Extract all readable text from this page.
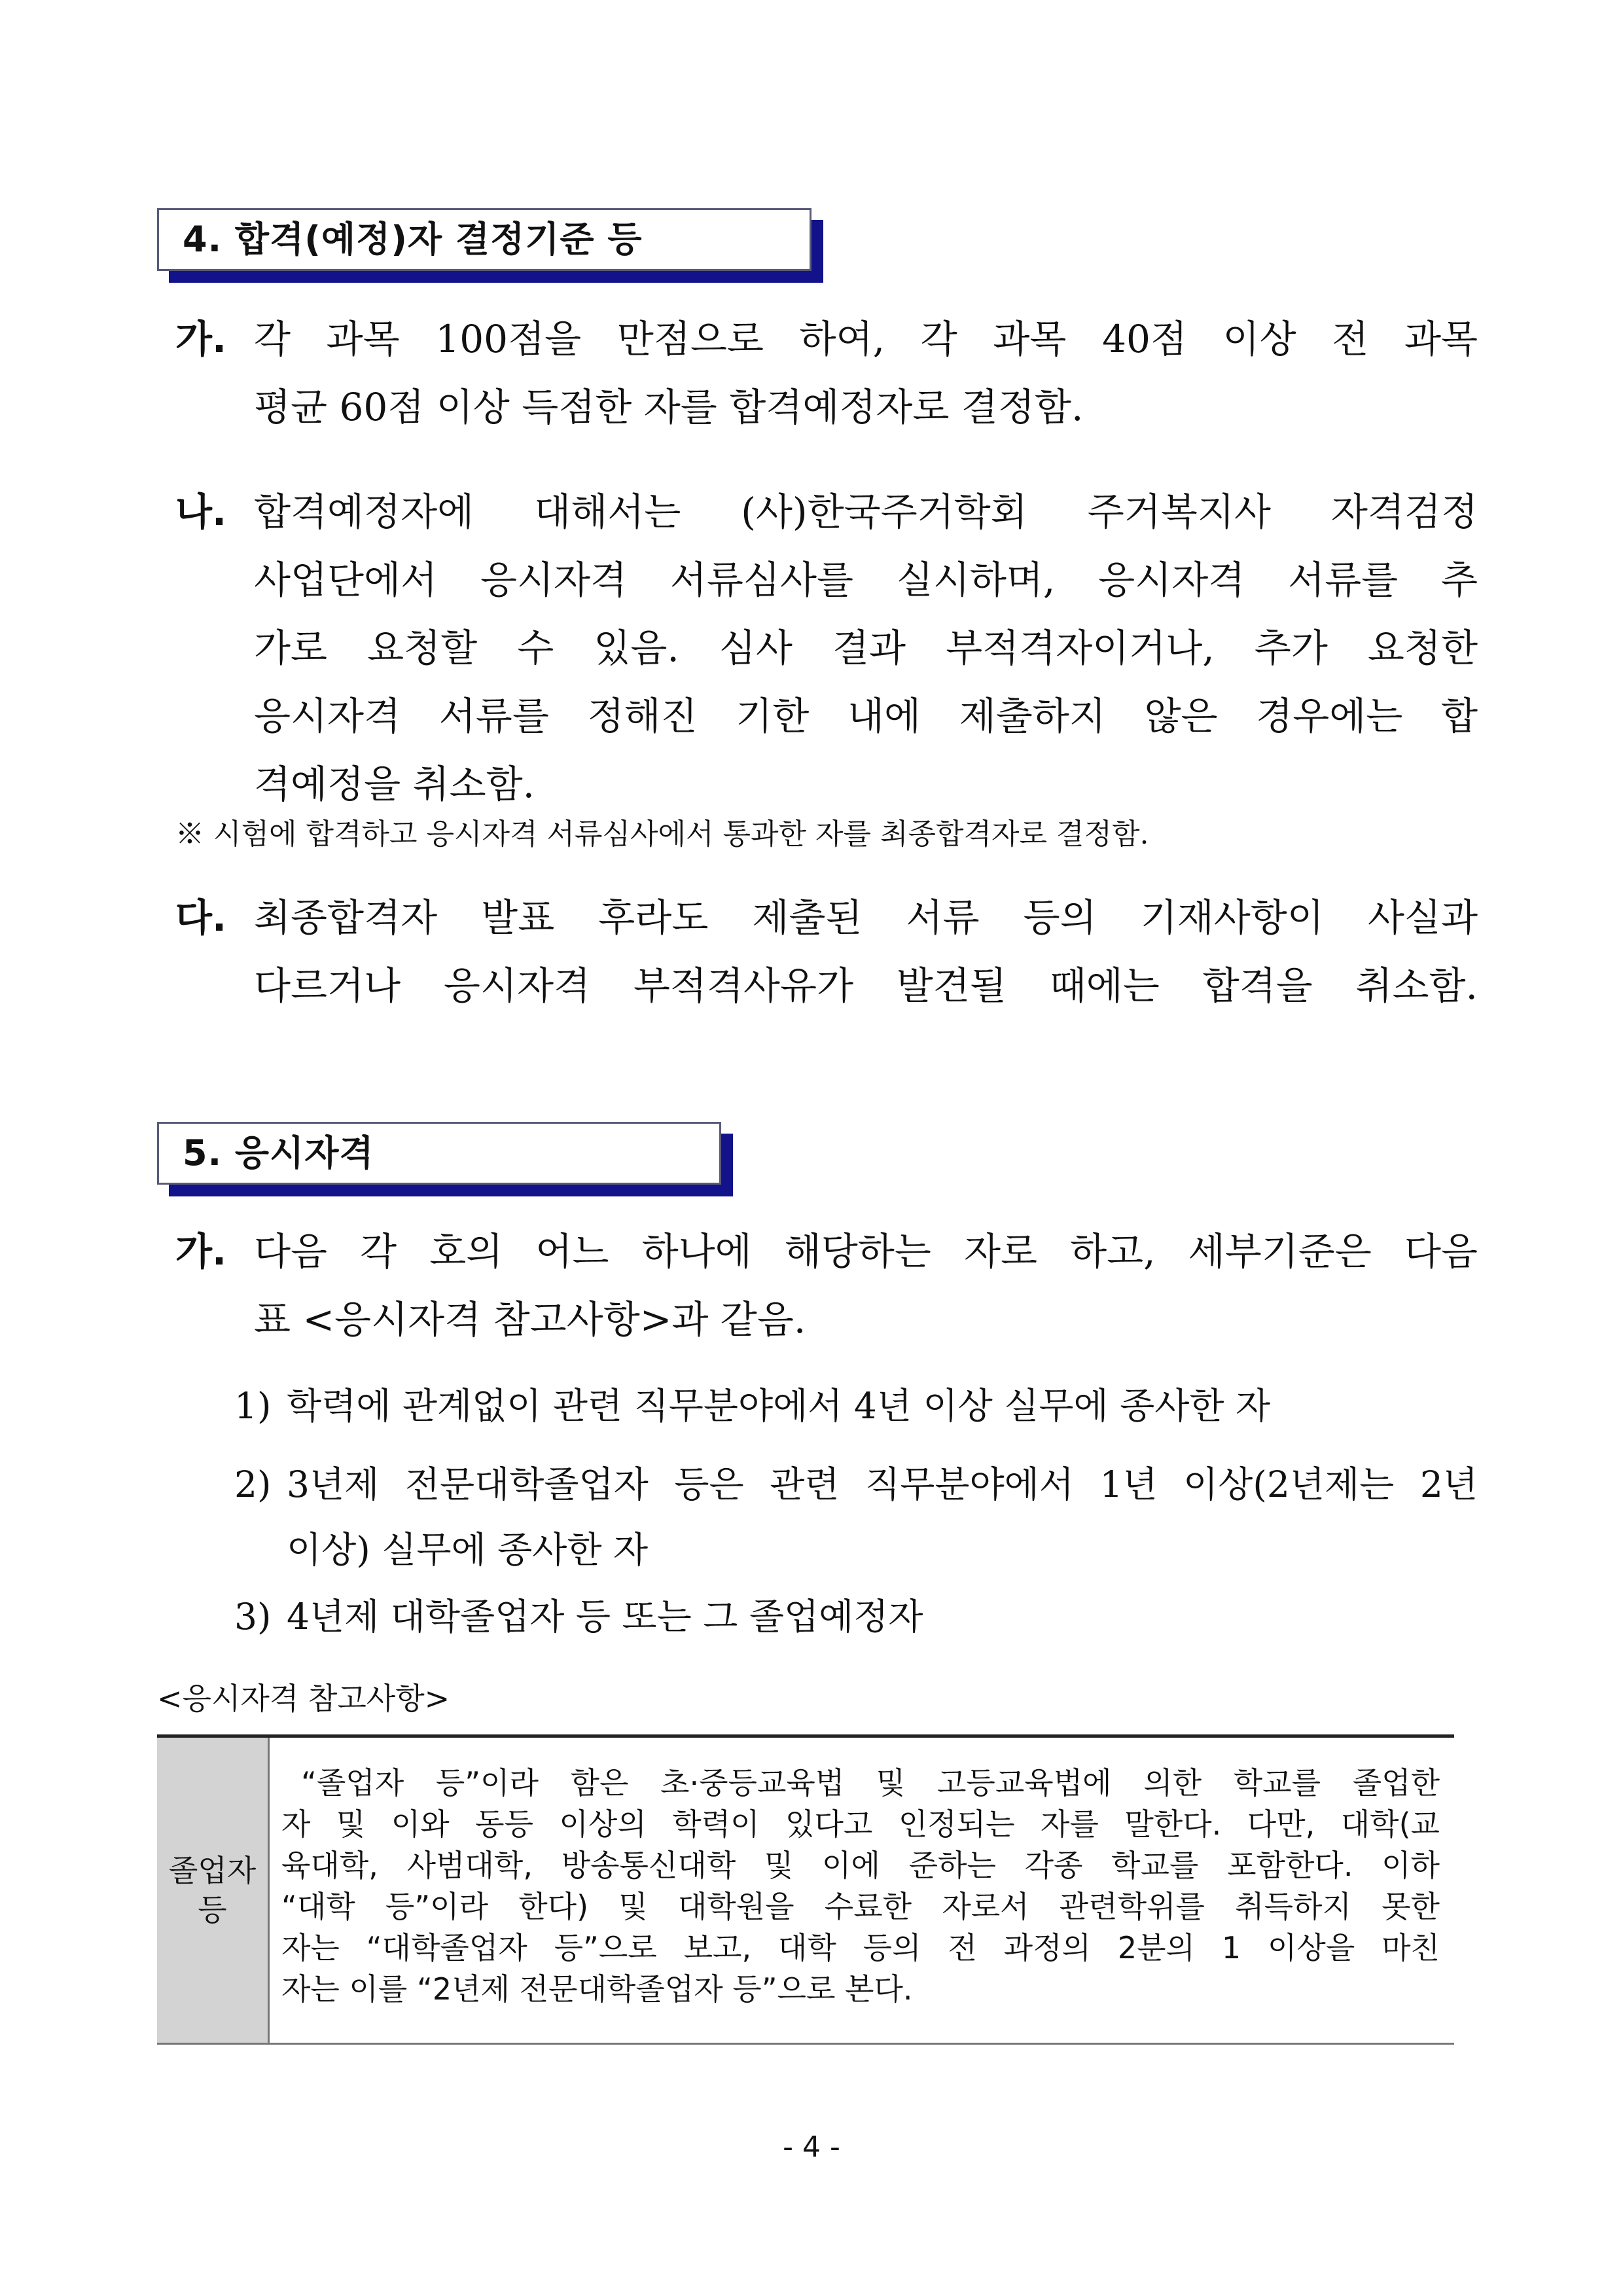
4. 합격(예정)자 결정기준 등
가. 각 과목 100점을 만점으로 하여, 각 과목 40점 이상 전 과목
평균 60점 이상 득점한 자를 합격예정자로 결정함.
나. 합격예정자에 대해서는 (사)한국주거학회 주거복지사 자격검정
사업단에서 응시자격 서류심사를 실시하며, 응시자격 서류를 추
가로 요청할 수 있음. 심사 결과 부적격자이거나, 추가 요청한
응시자격 서류를 정해진 기한 내에 제출하지 않은 경우에는 합
격예정을 취소함.
※ 시험에 합격하고 응시자격 서류심사에서 통과한 자를 최종합격자로 결정함.
다. 최종합격자 발표 후라도 제출된 서류 등의 기재사항이 사실과
다르거나 응시자격 부적격사유가 발견될 때에는 합격을 취소함.
5. 응시자격
가. 다음 각 호의 어느 하나에 해당하는 자로 하고, 세부기준은 다음
표 <응시자격 참고사항>과 같음.
1) 학력에 관계없이 관련 직무분야에서 4년 이상 실무에 종사한 자
2) 3년제 전문대학졸업자 등은 관련 직무분야에서 1년 이상(2년제는 2년
이상) 실무에 종사한 자
3) 4년제 대학졸업자 등 또는 그 졸업예정자
<응시자격 참고사항>
졸업자
등
“졸업자 등”이라 함은 초·중등교육법 및 고등교육법에 의한 학교를 졸업한
자 및 이와 동등 이상의 학력이 있다고 인정되는 자를 말한다. 다만, 대학(교
육대학, 사범대학, 방송통신대학 및 이에 준하는 각종 학교를 포함한다. 이하
“대학 등”이라 한다) 및 대학원을 수료한 자로서 관련학위를 취득하지 못한
자는 “대학졸업자 등”으로 보고, 대학 등의 전 과정의 2분의 1 이상을 마친
자는 이를 “2년제 전문대학졸업자 등”으로 본다.
- 4 -
